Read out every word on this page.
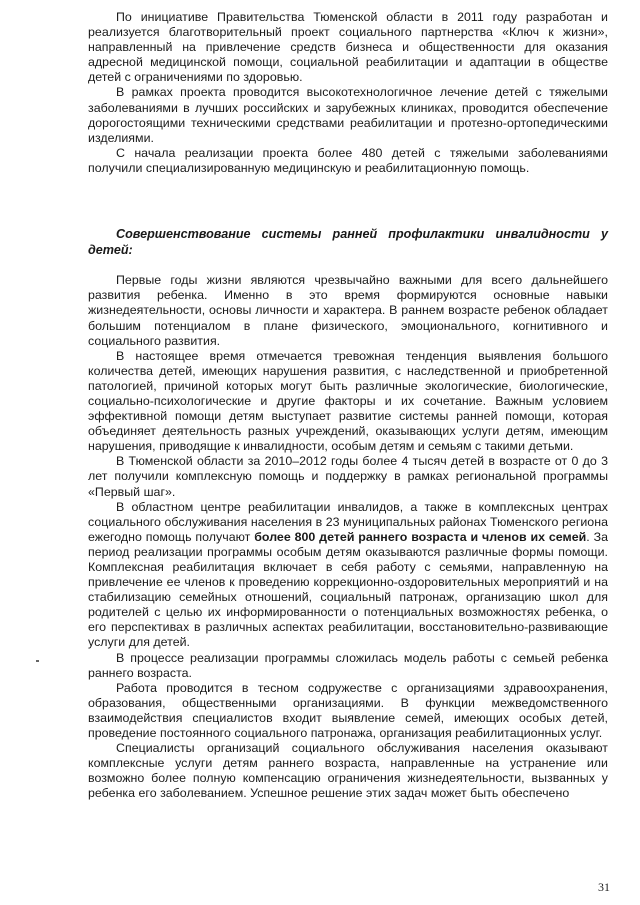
По инициативе Правительства Тюменской области в 2011 году разработан и реализуется благотворительный проект социального партнерства «Ключ к жизни», направленный на привлечение средств бизнеса и общественности для оказания адресной медицинской помощи, социальной реабилитации и адаптации в обществе детей с ограничениями по здоровью.

В рамках проекта проводится высокотехнологичное лечение детей с тяжелыми заболеваниями в лучших российских и зарубежных клиниках, проводится обеспечение дорогостоящими техническими средствами реабилитации и протезно-ортопедическими изделиями.

С начала реализации проекта более 480 детей с тяжелыми заболеваниями получили специализированную медицинскую и реабилитационную помощь.

Совершенствование системы ранней профилактики инвалидности у детей:

Первые годы жизни являются чрезвычайно важными для всего дальнейшего развития ребенка. Именно в это время формируются основные навыки жизнедеятельности, основы личности и характера. В раннем возрасте ребенок обладает большим потенциалом в плане физического, эмоционального, когнитивного и социального развития.

В настоящее время отмечается тревожная тенденция выявления большого количества детей, имеющих нарушения развития, с наследственной и приобретенной патологией, причиной которых могут быть различные экологические, биологические, социально-психологические и другие факторы и их сочетание. Важным условием эффективной помощи детям выступает развитие системы ранней помощи, которая объединяет деятельность разных учреждений, оказывающих услуги детям, имеющим нарушения, приводящие к инвалидности, особым детям и семьям с такими детьми.

В Тюменской области за 2010–2012 годы более 4 тысяч детей в возрасте от 0 до 3 лет получили комплексную помощь и поддержку в рамках региональной программы «Первый шаг».

В областном центре реабилитации инвалидов, а также в комплексных центрах социального обслуживания населения в 23 муниципальных районах Тюменского региона ежегодно помощь получают более 800 детей раннего возраста и членов их семей. За период реализации программы особым детям оказываются различные формы помощи. Комплексная реабилитация включает в себя работу с семьями, направленную на привлечение ее членов к проведению коррекционно-оздоровительных мероприятий и на стабилизацию семейных отношений, социальный патронаж, организацию школ для родителей с целью их информированности о потенциальных возможностях ребенка, о его перспективах в различных аспектах реабилитации, восстановительно-развивающие услуги для детей.

В процессе реализации программы сложилась модель работы с семьей ребенка раннего возраста.

Работа проводится в тесном содружестве с организациями здравоохранения, образования, общественными организациями. В функции межведомственного взаимодействия специалистов входит выявление семей, имеющих особых детей, проведение постоянного социального патронажа, организация реабилитационных услуг.

Специалисты организаций социального обслуживания населения оказывают комплексные услуги детям раннего возраста, направленные на устранение или возможно более полную компенсацию ограничения жизнедеятельности, вызванных у ребенка его заболеванием. Успешное решение этих задач может быть обеспечено

31
